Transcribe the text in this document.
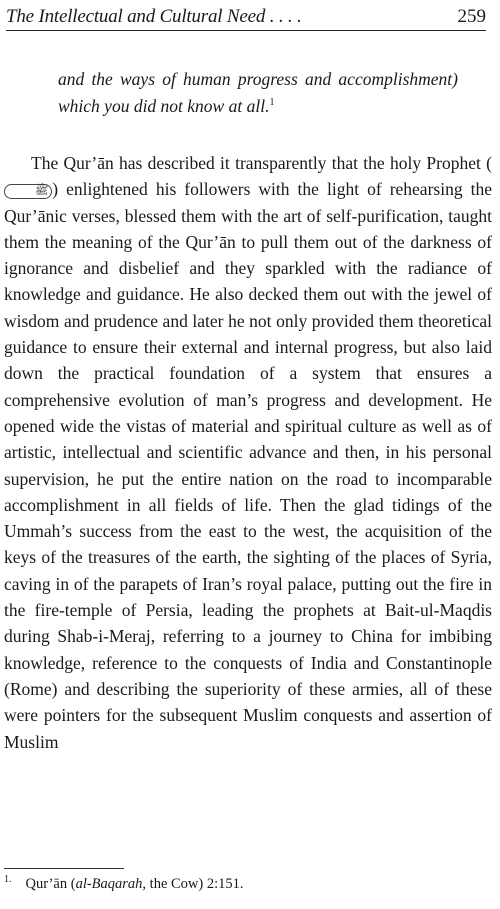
The Intellectual and Cultural Need . . . .	259
and the ways of human progress and accomplishment) which you did not know at all.$^1$

The Qur’ān has described it transparently that the holy Prophet (ﷺ ) enlightened his followers with the light of rehearsing the Qur’ānic verses, blessed them with the art of self-purification, taught them the meaning of the Qur’ān to pull them out of the darkness of ignorance and disbelief and they sparkled with the radiance of knowledge and guidance. He also decked them out with the jewel of wisdom and prudence and later he not only provided them theoretical guidance to ensure their external and internal progress, but also laid down the practical foundation of a system that ensures a comprehensive evolution of man’s progress and development. He opened wide the vistas of material and spiritual culture as well as of artistic, intellectual and scientific advance and then, in his personal supervision, he put the entire nation on the road to incomparable accomplishment in all fields of life. Then the glad tidings of the Ummah’s success from the east to the west, the acquisition of the keys of the treasures of the earth, the sighting of the places of Syria, caving in of the parapets of Iran’s royal palace, putting out the fire in the fire-temple of Persia, leading the prophets at Bait-ul-Maqdis during Shab-i-Meraj, referring to a journey to China for imbibing knowledge, reference to the conquests of India and Constantinople (Rome) and describing the superiority of these armies, all of these were pointers for the subsequent Muslim conquests and assertion of Muslim

$^{1.}$ Qur’ān (al-Baqarah, the Cow) 2:151.
